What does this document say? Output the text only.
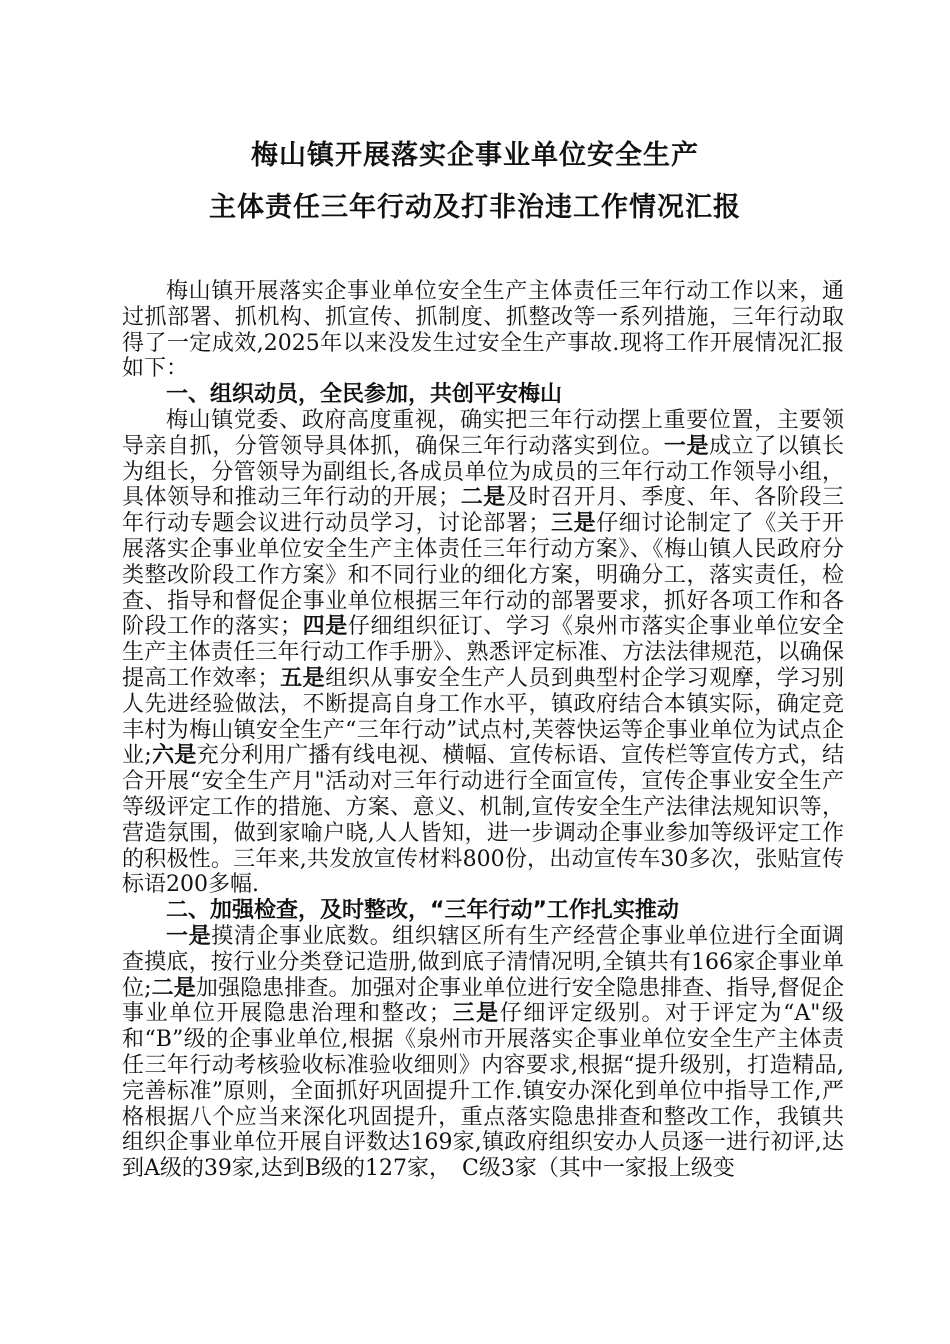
梅山镇开展落实企事业单位安全生产
主体责任三年行动及打非治违工作情况汇报

梅山镇开展落实企事业单位安全生产主体责任三年行动工作以来，通过抓部署、抓机构、抓宣传、抓制度、抓整改等一系列措施，三年行动取得了一定成效,2025年以来没发生过安全生产事故.现将工作开展情况汇报如下：

一、组织动员，全民参加，共创平安梅山

梅山镇党委、政府高度重视，确实把三年行动摆上重要位置，主要领导亲自抓，分管领导具体抓，确保三年行动落实到位。一是成立了以镇长为组长，分管领导为副组长,各成员单位为成员的三年行动工作领导小组，具体领导和推动三年行动的开展；二是及时召开月、季度、年、各阶段三年行动专题会议进行动员学习，讨论部署；三是仔细讨论制定了《关于开展落实企事业单位安全生产主体责任三年行动方案》、《梅山镇人民政府分类整改阶段工作方案》和不同行业的细化方案，明确分工，落实责任，检查、指导和督促企事业单位根据三年行动的部署要求，抓好各项工作和各阶段工作的落实；四是仔细组织征订、学习《泉州市落实企事业单位安全生产主体责任三年行动工作手册》、熟悉评定标准、方法法律规范，以确保提高工作效率；五是组织从事安全生产人员到典型村企学习观摩，学习别人先进经验做法，不断提高自身工作水平，镇政府结合本镇实际，确定竞丰村为梅山镇安全生产“三年行动”试点村,芙蓉快运等企事业单位为试点企业;六是充分利用广播有线电视、横幅、宣传标语、宣传栏等宣传方式，结合开展“安全生产月"活动对三年行动进行全面宣传，宣传企事业安全生产等级评定工作的措施、方案、意义、机制,宣传安全生产法律法规知识等，营造氛围，做到家喻户晓,人人皆知，进一步调动企事业参加等级评定工作的积极性。三年来,共发放宣传材料800份，出动宣传车30多次，张贴宣传标语200多幅.

二、加强检查，及时整改，“三年行动”工作扎实推动

一是摸清企事业底数。组织辖区所有生产经营企事业单位进行全面调查摸底，按行业分类登记造册,做到底子清情况明,全镇共有166家企事业单位;二是加强隐患排查。加强对企事业单位进行安全隐患排查、指导,督促企事业单位开展隐患治理和整改；三是仔细评定级别。对于评定为“A"级和“B”级的企事业单位,根据《泉州市开展落实企事业单位安全生产主体责任三年行动考核验收标准验收细则》内容要求,根据“提升级别，打造精品,完善标准”原则，全面抓好巩固提升工作.镇安办深化到单位中指导工作,严格根据八个应当来深化巩固提升，重点落实隐患排查和整改工作，我镇共组织企事业单位开展自评数达169家,镇政府组织安办人员逐一进行初评,达到A级的39家,达到B级的127家，　C级3家（其中一家报上级变
